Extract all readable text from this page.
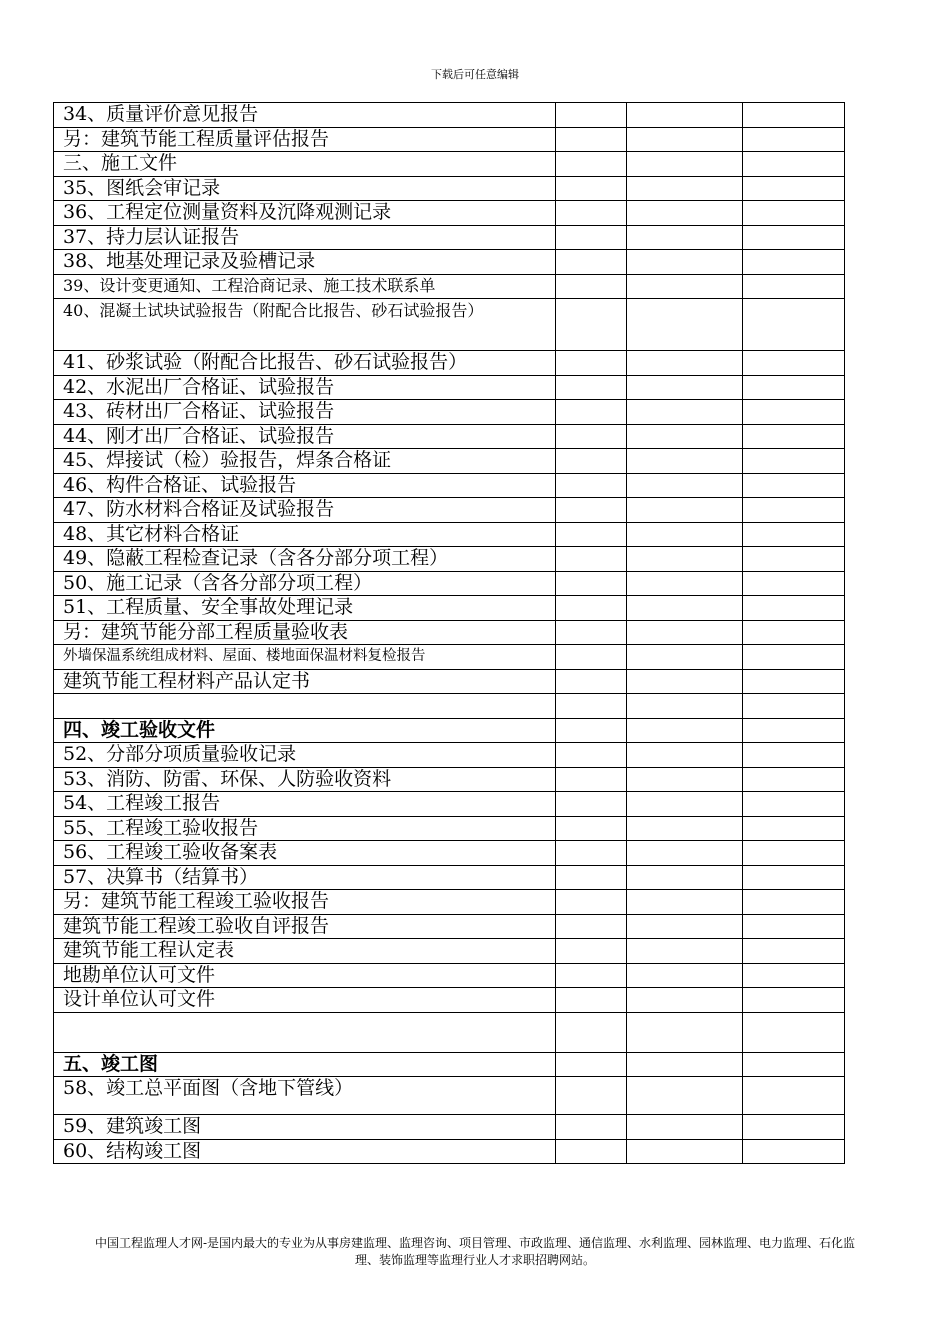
下载后可任意编辑
34、质量评价意见报告			
另：建筑节能工程质量评估报告			
三、施工文件			
35、图纸会审记录			
36、工程定位测量资料及沉降观测记录			
37、持力层认证报告			
38、地基处理记录及验槽记录			
39、设计变更通知、工程洽商记录、施工技术联系单			
40、混凝土试块试验报告（附配合比报告、砂石试验报告）			
41、砂浆试验（附配合比报告、砂石试验报告）			
42、水泥出厂合格证、试验报告			
43、砖材出厂合格证、试验报告			
44、刚才出厂合格证、试验报告			
45、焊接试（检）验报告，焊条合格证			
46、构件合格证、试验报告			
47、防水材料合格证及试验报告			
48、其它材料合格证			
49、隐蔽工程检查记录（含各分部分项工程）			
50、施工记录（含各分部分项工程）			
51、工程质量、安全事故处理记录			
另：建筑节能分部工程质量验收表			
外墙保温系统组成材料、屋面、楼地面保温材料复检报告			
建筑节能工程材料产品认定书			

四、竣工验收文件			
52、分部分项质量验收记录			
53、消防、防雷、环保、人防验收资料			
54、工程竣工报告			
55、工程竣工验收报告			
56、工程竣工验收备案表			
57、决算书（结算书）			
另：建筑节能工程竣工验收报告			
建筑节能工程竣工验收自评报告			
建筑节能工程认定表			
地勘单位认可文件			
设计单位认可文件			

五、竣工图			
58、竣工总平面图（含地下管线）			
59、建筑竣工图			
60、结构竣工图			
中国工程监理人才网-是国内最大的专业为从事房建监理、监理咨询、项目管理、市政监理、通信监理、水利监理、园林监理、电力监理、石化监理、装饰监理等监理行业人才求职招聘网站。
